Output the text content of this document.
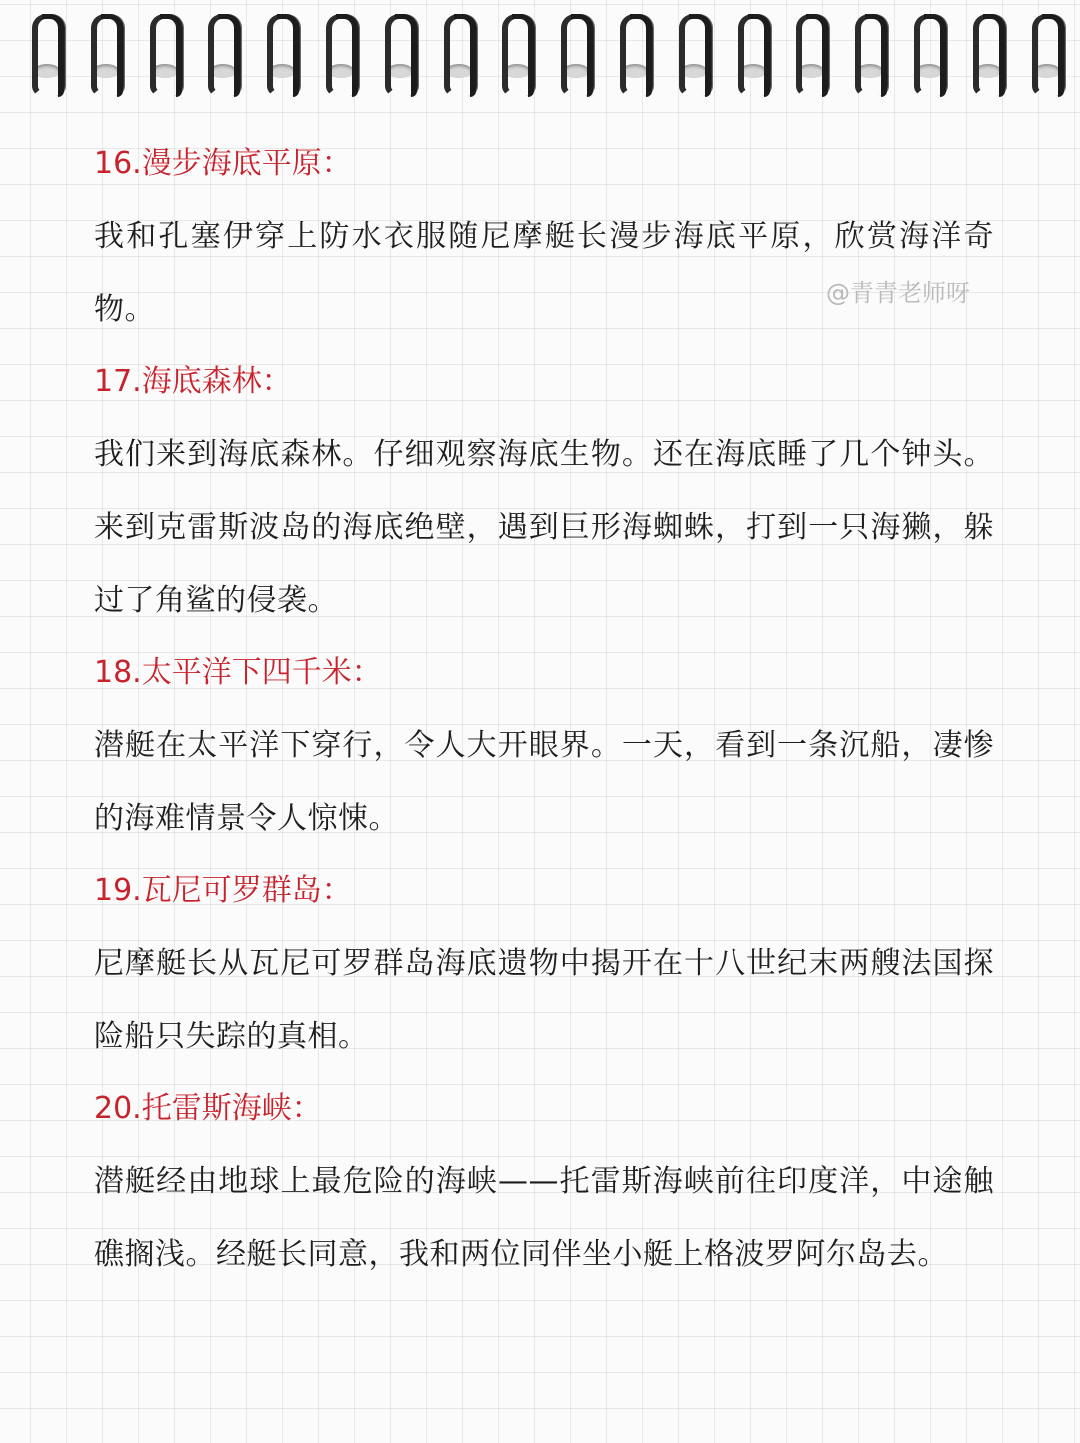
16.漫步海底平原：
我和孔塞伊穿上防水衣服随尼摩艇长漫步海底平原，欣赏海洋奇物。
17.海底森林：
我们来到海底森林。仔细观察海底生物。还在海底睡了几个钟头。来到克雷斯波岛的海底绝壁，遇到巨形海蜘蛛，打到一只海獭，躲过了角鲨的侵袭。
18.太平洋下四千米：
潜艇在太平洋下穿行，令人大开眼界。一天，看到一条沉船，凄惨的海难情景令人惊悚。
19.瓦尼可罗群岛：
尼摩艇长从瓦尼可罗群岛海底遗物中揭开在十八世纪末两艘法国探险船只失踪的真相。
20.托雷斯海峡：
潜艇经由地球上最危险的海峡——托雷斯海峡前往印度洋，中途触礁搁浅。经艇长同意，我和两位同伴坐小艇上格波罗阿尔岛去。
@青青老师呀
